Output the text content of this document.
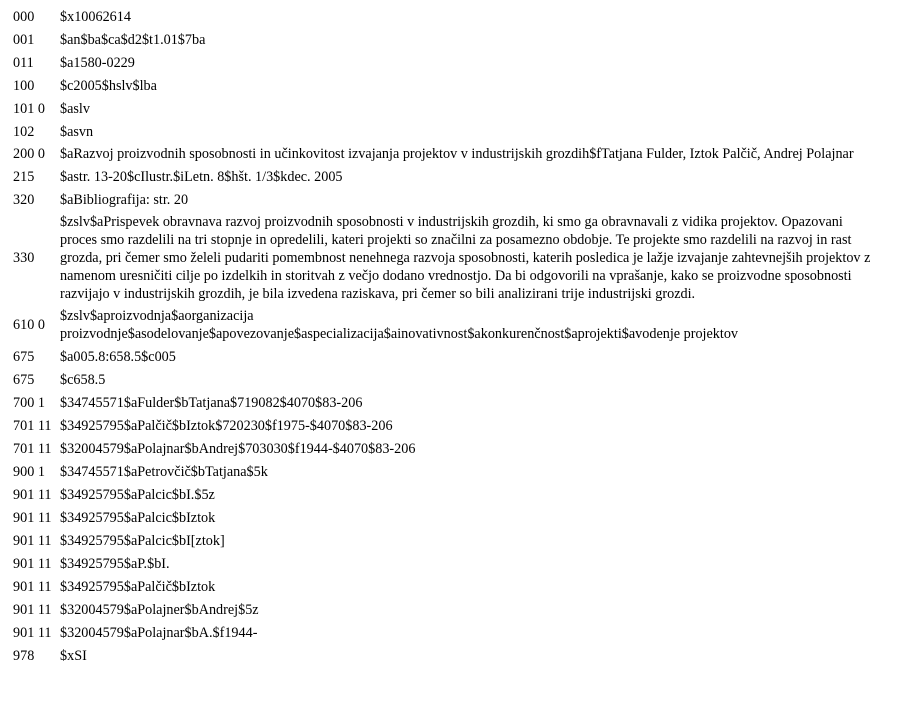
000	$x10062614
001	$an$ba$ca$d2$t1.01$7ba
011	$a1580-0229
100	$c2005$hslv$lba
101 0	$aslv
102	$asvn
200 0	$aRazvoj proizvodnih sposobnosti in učinkovitost izvajanja projektov v industrijskih grozdih$fTatjana Fulder, Iztok Palčič, Andrej Polajnar
215	$astr. 13-20$cIlustr.$iLetn. 8$hšt. 1/3$kdec. 2005
320	$aBibliografija: str. 20
330	$zslv$aPrispevek obravnava razvoj proizvodnih sposobnosti v industrijskih grozdih, ki smo ga obravnavali z vidika projektov. Opazovani proces smo razdelili na tri stopnje in opredelili, kateri projekti so značilni za posamezno obdobje. Te projekte smo razdelili na razvoj in rast grozda, pri čemer smo želeli pudariti pomembnost nenehnega razvoja sposobnosti, katerih posledica je lažje izvajanje zahtevnejših projektov z namenom uresničiti cilje po izdelkih in storitvah z večjo dodano vrednostjo. Da bi odgovorili na vprašanje, kako se proizvodne sposobnosti razvijajo v industrijskih grozdih, je bila izvedena raziskava, pri čemer so bili analizirani trije industrijski grozdi.
610 0	$zslv$aproizvodnja$aorganizacija proizvodnje$asodelovanje$apovezovanje$aspecializacija$ainovativnost$akonkurenčnost$aprojekti$avodenje projektov
675	$a005.8:658.5$c005
675	$c658.5
700 1	$34745571$aFulder$bTatjana$719082$4070$83-206
701 11	$34925795$aPalčič$bIztok$720230$f1975-$4070$83-206
701 11	$32004579$aPolajnar$bAndrej$703030$f1944-$4070$83-206
900 1	$34745571$aPetrovčič$bTatjana$5k
901 11	$34925795$aPalcic$bI.$5z
901 11	$34925795$aPalcic$bIztok
901 11	$34925795$aPalcic$bI[ztok]
901 11	$34925795$aP.$bI.
901 11	$34925795$aPalčič$bIztok
901 11	$32004579$aPolajner$bAndrej$5z
901 11	$32004579$aPolajnar$bA.$f1944-
978	$xSI
